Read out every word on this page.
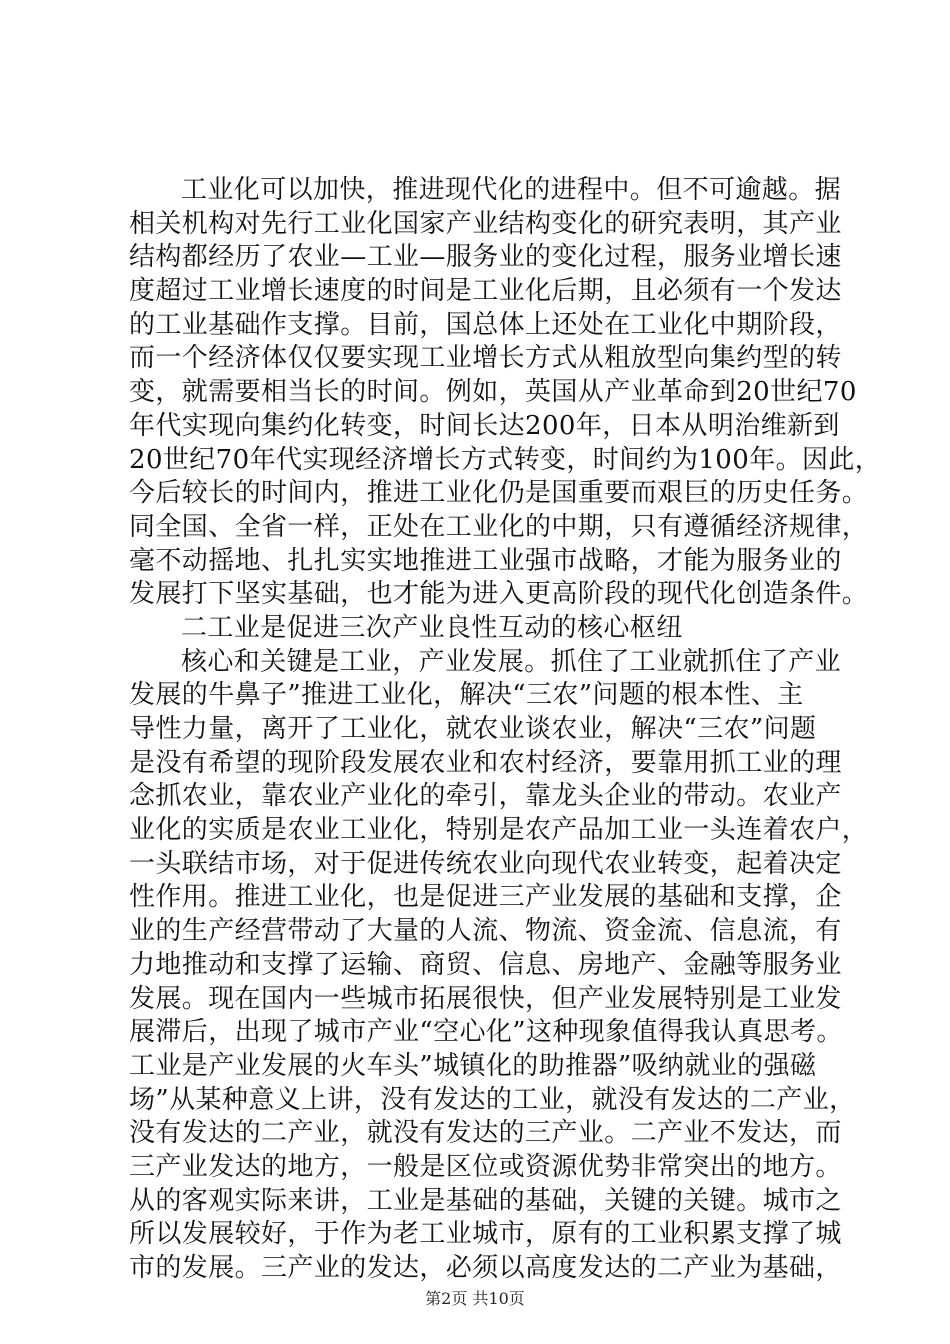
工业化可以加快，推进现代化的进程中。但不可逾越。据
相关机构对先行工业化国家产业结构变化的研究表明，其产业
结构都经历了农业—工业—服务业的变化过程，服务业增长速
度超过工业增长速度的时间是工业化后期，且必须有一个发达
的工业基础作支撑。目前，国总体上还处在工业化中期阶段，
而一个经济体仅仅要实现工业增长方式从粗放型向集约型的转
变，就需要相当长的时间。例如，英国从产业革命到20世纪70
年代实现向集约化转变，时间长达200年，日本从明治维新到
20世纪70年代实现经济增长方式转变，时间约为100年。因此，
今后较长的时间内，推进工业化仍是国重要而艰巨的历史任务。
同全国、全省一样，正处在工业化的中期，只有遵循经济规律，
毫不动摇地、扎扎实实地推进工业强市战略，才能为服务业的
发展打下坚实基础，也才能为进入更高阶段的现代化创造条件。
二工业是促进三次产业良性互动的核心枢纽
核心和关键是工业，产业发展。抓住了工业就抓住了产业
发展的牛鼻子”推进工业化，解决“三农”问题的根本性、主
导性力量，离开了工业化，就农业谈农业，解决“三农”问题
是没有希望的现阶段发展农业和农村经济，要靠用抓工业的理
念抓农业，靠农业产业化的牵引，靠龙头企业的带动。农业产
业化的实质是农业工业化，特别是农产品加工业一头连着农户，
一头联结市场，对于促进传统农业向现代农业转变，起着决定
性作用。推进工业化，也是促进三产业发展的基础和支撑，企
业的生产经营带动了大量的人流、物流、资金流、信息流，有
力地推动和支撑了运输、商贸、信息、房地产、金融等服务业
发展。现在国内一些城市拓展很快，但产业发展特别是工业发
展滞后，出现了城市产业“空心化”这种现象值得我认真思考。
工业是产业发展的火车头”城镇化的助推器”吸纳就业的强磁
场”从某种意义上讲，没有发达的工业，就没有发达的二产业，
没有发达的二产业，就没有发达的三产业。二产业不发达，而
三产业发达的地方，一般是区位或资源优势非常突出的地方。
从的客观实际来讲，工业是基础的基础，关键的关键。城市之
所以发展较好，于作为老工业城市，原有的工业积累支撑了城
市的发展。三产业的发达，必须以高度发达的二产业为基础，
第2页 共10页
